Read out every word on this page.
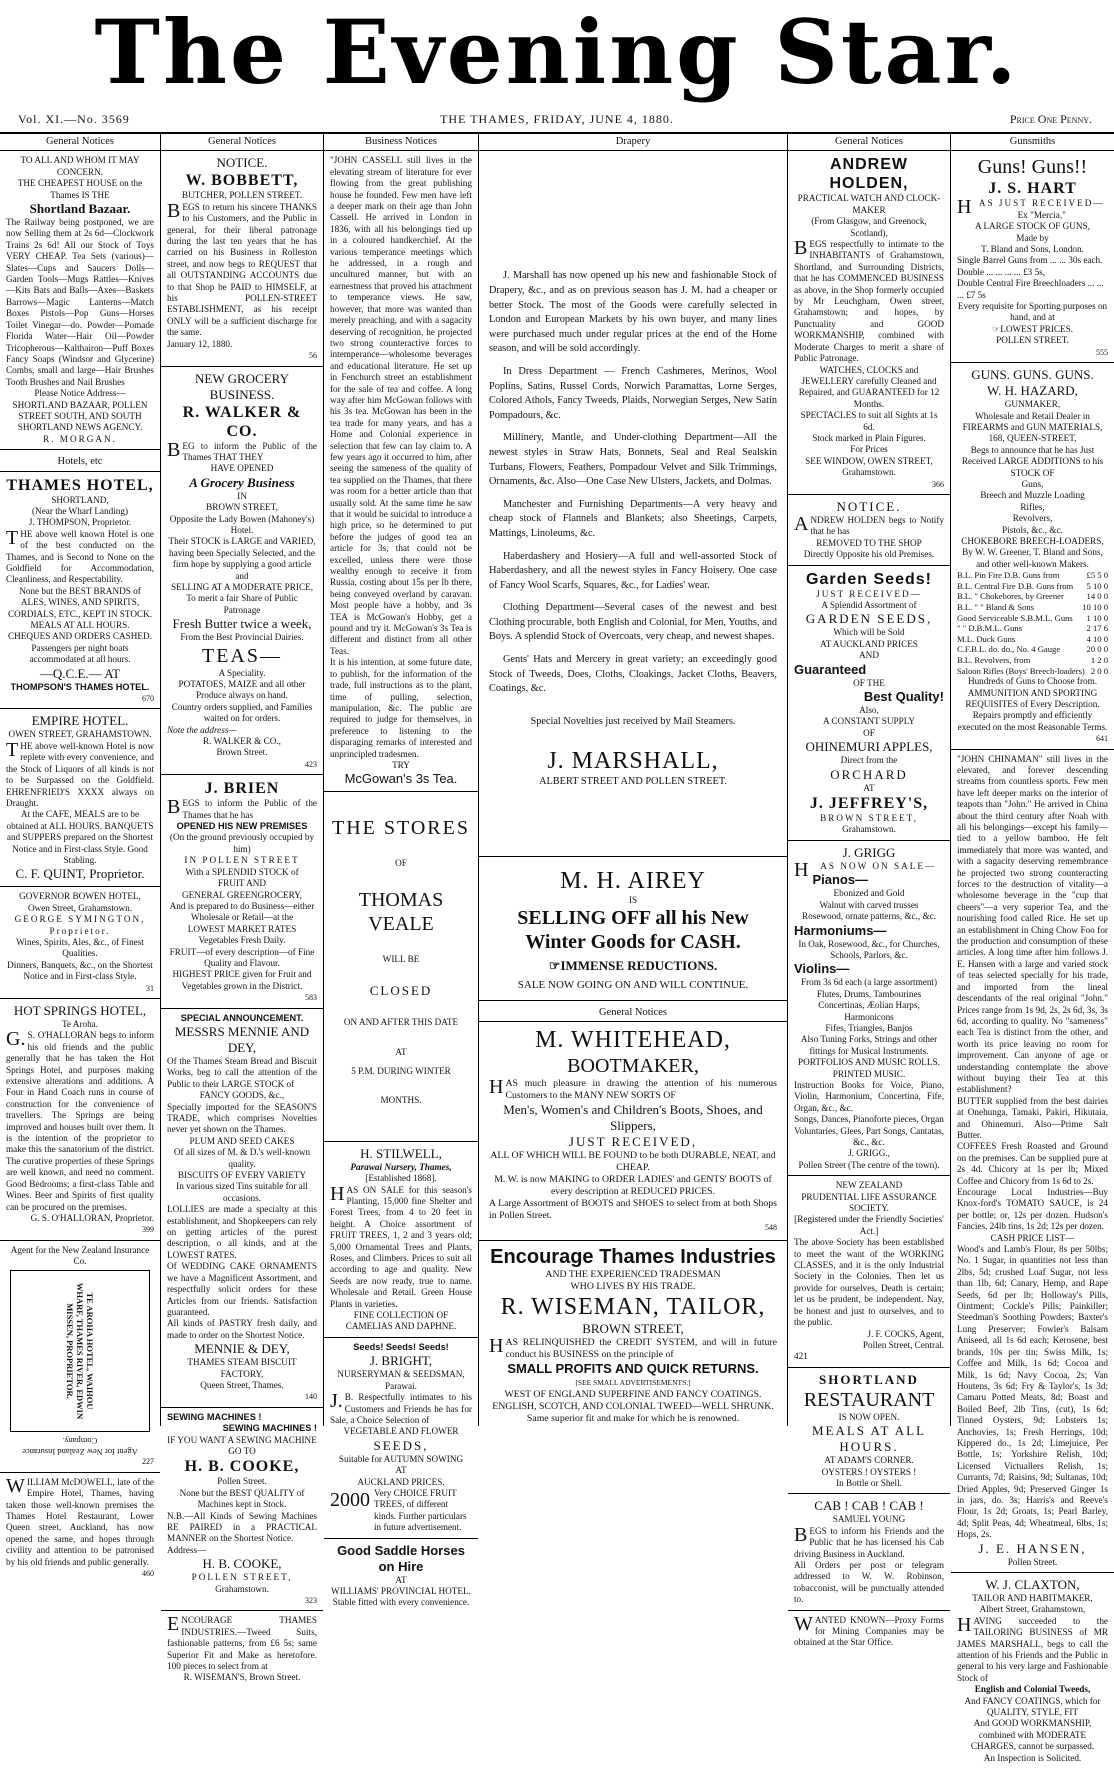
The Evening Star.
Vol. XI.—No. 3569	THE THAMES, FRIDAY, JUNE 4, 1880.	Price One Penny.
General Notices
TO ALL AND WHOM IT MAY CONCERN.
THE CHEAPEST HOUSE on the Thames IS THE
Shortland Bazaar.
The Railway being postponed, we are now Selling them at 2s 6d—Clockwork Trains 2s 6d! All our Stock of Toys VERY CHEAP. Tea Sets (various)—Slates—Cups and Saucers Dolls—Garden Tools—Mugs Rattles—Knives—Kits Bats and Balls—Axes—Baskets Barrows—Magic Lanterns—Match Boxes Pistols—Pop Guns—Horses Toilet Vinegar—do. Powder—Pomade Florida Water—Hair Oil—Powder Tricopherous—Kalthairon—Puff Boxes Fancy Soaps (Windsor and Glycerine) Combs, small and large—Hair Brushes Tooth Brushes and Nail Brushes
Please Notice Address— SHORTLAND BAZAAR, POLLEN STREET SOUTH, AND SOUTH SHORTLAND NEWS AGENCY.
R. MORGAN.
Hotels, etc
THAMES HOTEL,
SHORTLAND,
(Near the Wharf Landing)
J. THOMPSON, Proprietor.
THE above well known Hotel is one of the best conducted on the Thames, and is Second to None on the Goldfield for Accommodation, Cleanliness, and Respectability.
None but the BEST BRANDS of ALES, WINES, AND SPIRITS, CORDIALS, ETC., KEPT IN STOCK.
MEALS AT ALL HOURS.
CHEQUES AND ORDERS CASHED.
Passengers per night boats accommodated at all hours.
—Q.C.E.— AT
THOMPSON'S THAMES HOTEL.
670
EMPIRE HOTEL.
OWEN STREET, GRAHAMSTOWN.
THE above well-known Hotel is now replete with every convenience, and the Stock of Liquors of all kinds is not to be Surpassed on the Goldfield. EHRENFRIED'S XXXX always on Draught.
At the CAFE, MEALS are to be obtained at ALL HOURS. BANQUETS and SUPPERS prepared on the Shortest Notice and in First-class Style. Good Stabling.
C. F. QUINT, Proprietor.
GOVERNOR BOWEN HOTEL,
Owen Street, Grahamstown.
GEORGE SYMINGTON, Proprietor.
Wines, Spirits, Ales, &c., of Finest Qualities.
Dinners, Banquets, &c., on the Shortest Notice and in First-class Style.
31
HOT SPRINGS HOTEL,
Te Aroha.
G.S. O'HALLORAN begs to inform his old friends and the public generally that he has taken the Hot Springs Hotel, and purposes making extensive alterations and additions. A Four in Hand Coach runs in course of construction for the convenience of travellers. The Springs are being improved and houses built over them. It is the intention of the proprietor to make this the sanatorium of the district. The curative properties of these Springs are well known, and need no comment. Good Bedrooms; a first-class Table and Wines. Beer and Spirits of first quality can be procured on the premises.
G. S. O'HALLORAN, Proprietor.
399
Agent for the New Zealand Insurance Co.
TE AROHA HOTEL, WAIHOU WHARF, THAMES RIVER, EDWIN MISSEN, PROPRIETOR.
Agent for New Zealand Insurance Company.
227
WILLIAM McDOWELL, late of the Empire Hotel, Thames, having taken those well-known premises the Thames Hotel Restaurant, Lower Queen street, Auckland, has now opened the same, and hopes through civility and attention to be patronised by his old friends and public generally.
460
General Notices
NOTICE.
W. BOBBETT,
BUTCHER, POLLEN STREET.
BEGS to return his sincere THANKS to his Customers, and the Public in general, for their liberal patronage during the last ten years that he has carried on his Business in Rolleston street, and now begs to REQUEST that all OUTSTANDING ACCOUNTS due to that Shop be PAID to HIMSELF, at his POLLEN-STREET ESTABLISHMENT, as his receipt ONLY will be a sufficient discharge for the same.
January 12, 1880.
56
NEW GROCERY BUSINESS.
R. WALKER & CO.
BEG to inform the Public of the Thames THAT THEY
HAVE OPENED
A Grocery Business
IN
BROWN STREET,
Opposite the Lady Bowen (Mahoney's) Hotel.
Their STOCK is LARGE and VARIED, having been Specially Selected, and the firm hope by supplying a good article and
SELLING AT A MODERATE PRICE,
To merit a fair Share of Public Patronage
Fresh Butter twice a week,
From the Best Provincial Dairies.
TEAS—
A Speciality.
POTATOES, MAIZE and all other Produce always on hand.
Country orders supplied, and Families waited on for orders.
Note the address—
R. WALKER & CO.,
Brown Street.
423
J. BRIEN
BEGS to inform the Public of the Thames that he has
OPENED HIS NEW PREMISES
(On the ground previously occupied by him)
IN POLLEN STREET
With a SPLENDID STOCK of
FRUIT AND
GENERAL GREENGROCERY,
And is prepared to do Business—either Wholesale or Retail—at the
LOWEST MARKET RATES
Vegetables Fresh Daily.
FRUIT—of every description—of Fine Quality and Flavour.
HIGHEST PRICE given for Fruit and Vegetables grown in the District.
583
SPECIAL ANNOUNCEMENT.
MESSRS MENNIE AND DEY,
Of the Thames Steam Bread and Biscuit Works, beg to call the attention of the Public to their LARGE STOCK of
FANCY GOODS, &c.,
Specially imported for the SEASON'S TRADE, which comprises Novelties never yet shown on the Thames.
PLUM AND SEED CAKES
Of all sizes of M. & D.'s well-known quality.
BISCUITS OF EVERY VARIETY
In various sized Tins suitable for all occasions.
LOLLIES are made a specialty at this establishment, and Shopkeepers can rely on getting articles of the purest description, o all kinds, and at the LOWEST RATES.
Of WEDDING CAKE ORNAMENTS we have a Magnificent Assortment, and respectfully solicit orders for these Articles from our friends. Satisfaction guaranteed.
All kinds of PASTRY fresh daily, and made to order on the Shortest Notice.
MENNIE & DEY,
THAMES STEAM BISCUIT FACTORY,
Queen Street, Thames.
140
SEWING MACHINES !
SEWING MACHINES !
IF YOU WANT A SEWING MACHINE
GO TO
H. B. COOKE,
Pollen Street.
None but the BEST QUALITY of Machines kept in Stock.
N.B.—All Kinds of Sewing Machines RE PAIRED in a PRACTICAL MANNER on the Shortest Notice.
Address—
H. B. COOKE,
POLLEN STREET,
Grahamstown.
323
ENCOURAGE THAMES INDUSTRIES.—Tweed Suits, fashionable patterns, from £6 5s; same Superior Fit and Make as heretofore. 100 pieces to select from at
R. WISEMAN'S, Brown Street.
Business Notices
"JOHN CASSELL still lives in the elevating stream of literature for ever flowing from the great publishing house he founded. Few men have left a deeper mark on their age than John Cassell. He arrived in London in 1836, with all his belongings tied up in a coloured handkerchief. At the various temperance meetings which he addressed, in a rough and uncultured manner, but with an earnestness that proved his attachment to temperance views. He saw, however, that more was wanted than merely preaching, and with a sagacity deserving of recognition, he projected two strong counteractive forces to intemperance—wholesome beverages and educational literature. He set up in Fenchurch street an establishment for the sale of tea and coffee. A long way after him McGowan follows with his 3s tea. McGowan has been in the tea trade for many years, and has a Home and Colonial experience in selection that few can lay claim to. A few years ago it occurred to him, after seeing the sameness of the quality of tea supplied on the Thames, that there was room for a better article than that usually sold. At the same time he saw that it would be suicidal to introduce a high price, so he determined to put before the judges of good tea an article for 3s, that could not be excelled, unless there were those wealthy enough to receive it from Russia, costing about 15s per lb there, being conveyed overland by caravan. Most people have a hobby, and 3s TEA is McGowan's Hobby, get a pound and try it. McGowan's 3s Tea is different and distinct from all other Teas.
It is his intention, at some future date, to publish, for the information of the trade, full instructions as to the plant, time of pulling, selection, manipulation, &c. The public are required to judge for themselves, in preference to listening to the disparaging remarks of interested and unprincipled tradesmen.
TRY
McGowan's 3s Tea.
THE STORES
OF
THOMAS VEALE
WILL BE
CLOSED
ON AND AFTER THIS DATE
AT
5 P.M. DURING WINTER
MONTHS.
H. STILWELL,
Parawai Nursery, Thames,
[Established 1868].
HAS ON SALE for this season's Planting, 15,000 fine Shelter and Forest Trees, from 4 to 20 feet in height. A Choice assortment of FRUIT TREES, 1, 2 and 3 years old; 5,000 Ornamental Trees and Plants, Roses, and Climbers. Prices to suit all according to age and quality. New Seeds are now ready, true to name. Wholesale and Retail. Green House Plants in varieties.
FINE COLLECTION OF CAMELIAS AND DAPHNE.
Seeds! Seeds! Seeds!
J. BRIGHT,
NURSERYMAN & SEEDSMAN,
Parawai.
J.B. Respectfully intimates to his Customers and Friends he has for Sale, a Choice Selection of
VEGETABLE AND FLOWER
SEEDS,
Suitable for AUTUMN SOWING
AT
AUCKLAND PRICES.
2000 Very CHOICE FRUIT TREES, of different kinds. Further particulars in future advertisement.
Good Saddle Horses
on Hire
AT
WILLIAMS' PROVINCIAL HOTEL.
Stable fitted with every convenience.
Drapery
J. Marshall has now opened up his new and fashionable Stock of Drapery, &c., and as on previous season has J. M. had a cheaper or better Stock. The most of the Goods were carefully selected in London and European Markets by his own buyer, and many lines were purchased much under regular prices at the end of the Home season, and will be sold accordingly.
In Dress Department — French Cashmeres, Merinos, Wool Poplins, Satins, Russel Cords, Norwich Paramattas, Lorne Serges, Colored Athols, Fancy Tweeds, Plaids, Norwegian Serges, New Satin Pompadours, &c.
Millinery, Mantle, and Under-clothing Department—All the newest styles in Straw Hats, Bonnets, Seal and Real Sealskin Turbans, Flowers, Feathers, Pompadour Velvet and Silk Trimmings, Ornaments, &c. Also—One Case New Ulsters, Jackets, and Dolmas.
Manchester and Furnishing Departments—A very heavy and cheap stock of Flannels and Blankets; also Sheetings, Carpets, Mattings, Linoleums, &c.
Haberdashery and Hosiery—A full and well-assorted Stock of Haberdashery, and all the newest styles in Fancy Hoisery. One case of Fancy Wool Scarfs, Squares, &c., for Ladies' wear.
Clothing Department—Several cases of the newest and best Clothing procurable, both English and Colonial, for Men, Youths, and Boys. A splendid Stock of Overcoats, very cheap, and newest shapes.
Gents' Hats and Mercery in great variety; an exceedingly good Stock of Tweeds, Does, Cloths, Cloakings, Jacket Cloths, Beavers, Coatings, &c.
Special Novelties just received by Mail Steamers.
J. MARSHALL,
ALBERT STREET AND POLLEN STREET.
M. H. AIREY
IS
SELLING OFF all his New Winter Goods for CASH.
☞IMMENSE REDUCTIONS.
SALE NOW GOING ON AND WILL CONTINUE.
General Notices
M. WHITEHEAD,
BOOTMAKER,
HAS much pleasure in drawing the attention of his numerous Customers to the MANY NEW SORTS OF
Men's, Women's and Children's Boots, Shoes, and Slippers,
JUST RECEIVED,
ALL OF WHICH WILL BE FOUND to be both DURABLE, NEAT, and CHEAP.
M. W. is now MAKING to ORDER LADIES' and GENTS' BOOTS of every description at REDUCED PRICES.
A Large Assortment of BOOTS and SHOES to select from at both Shops in Pollen Street.
548
Encourage Thames Industries
AND THE EXPERIENCED TRADESMAN
WHO LIVES BY HIS TRADE.
R. WISEMAN, TAILOR,
BROWN STREET,
HAS RELINQUISHED the CREDIT SYSTEM, and will in future conduct his BUSINESS on the principle of
SMALL PROFITS AND QUICK RETURNS.
[SEE SMALL ADVERTISEMENTS.]
WEST OF ENGLAND SUPERFINE AND FANCY COATINGS. ENGLISH, SCOTCH, AND COLONIAL TWEED—WELL SHRUNK.
Same superior fit and make for which he is renowned.
General Notices
ANDREW HOLDEN,
PRACTICAL WATCH AND CLOCK-MAKER
(From Glasgow, and Greenock, Scotland),
BEGS respectfully to intimate to the INHABITANTS of Grahamstown, Shortland, and Surrounding Districts, that he has COMMENCED BUSINESS as above, in the Shop formerly occupied by Mr Leuchgham, Owen street, Grahamstown; and hopes, by Punctuality and GOOD WORKMANSHIP, combined with Moderate Charges to merit a share of Public Patronage.
WATCHES, CLOCKS and JEWELLERY carefully Cleaned and Repaired, and GUARANTEED for 12 Months.
SPECTACLES to suit all Sights at 1s 6d.
Stock marked in Plain Figures.
For Prices
SEE WINDOW, OWEN STREET,
Grahamstown.
366
NOTICE.
ANDREW HOLDEN begs to Notify that he has
REMOVED TO THE SHOP
Directly Opposite his old Premises.
Garden Seeds!
JUST RECEIVED—
A Splendid Assortment of
GARDEN SEEDS,
Which will be Sold
AT AUCKLAND PRICES
AND
Guaranteed
OF THE
Best Quality!
Also,
A CONSTANT SUPPLY
OF
OHINEMURI APPLES,
Direct from the
ORCHARD
AT
J. JEFFREY'S,
BROWN STREET,
Grahamstown.
J. GRIGG
HAS NOW ON SALE—
Pianos—
Ebonized and Gold
Walnut with carved trusses
Rosewood, ornate patterns, &c., &c.
Harmoniums—
In Oak, Rosewood, &c., for Churches, Schools, Parlors, &c.
Violins—
From 3s 6d each (a large assortment)
Flutes, Drums, Tambourines
Concertinas, Æolian Harps, Harmonicons
Fifes, Triangles, Banjos
Also Tuning Forks, Strings and other fittings for Musical Instruments.
PORTFOLIOS AND MUSIC ROLLS.
PRINTED MUSIC.
Instruction Books for Voice, Piano, Violin, Harmonium, Concertina, Fife, Organ, &c., &c.
Songs, Dances, Pianoforte pieces, Organ Voluntaries, Glees, Part Songs, Cantatas, &c., &c.
J. GRIGG.,
Pollen Street (The centre of the town).
NEW ZEALAND
PRUDENTIAL LIFE ASSURANCE SOCIETY.
[Registered under the Friendly Societies' Act.]
The above Society has been established to meet the want of the WORKING CLASSES, and it is the only Industrial Society in the Colonies. Then let us provide for ourselves, Death is certain; let us be prudent, be independent. Nay, be honest and just to ourselves, and to the public.
J. F. COCKS, Agent,
Pollen Street, Central.
421
SHORTLAND
RESTAURANT
IS NOW OPEN.
MEALS AT ALL HOURS.
AT ADAM'S CORNER.
OYSTERS ! OYSTERS !
In Bottle or Shell.
CAB ! CAB ! CAB !
SAMUEL YOUNG
BEGS to inform his Friends and the Public that he has licensed his Cab driving Business in Auckland.
All Orders per post or telegram addressed to W. W. Robinson, tobacconist, will be punctually attended to.
WANTED KNOWN—Proxy Forms for Mining Companies may be obtained at the Star Office.
Gunsmiths
Guns! Guns!!
J. S. HART
HAS JUST RECEIVED—
Ex "Mercia,"
A LARGE STOCK OF GUNS,
Made by
T. Bland and Sons, London.
Single Barrel Guns from ... ... 30s each.
Double ... ... ... ... £3 5s,
Double Central Fire Breechloaders ... ... ... £7 5s
Every requisite for Sporting purposes on hand, and at
☞LOWEST PRICES.
POLLEN STREET.
555
GUNS. GUNS. GUNS.
W. H. HAZARD,
GUNMAKER,
Wholesale and Retail Dealer in FIREARMS and GUN MATERIALS,
168, QUEEN-STREET,
Begs to announce that he has Just Received LARGE ADDITIONS to his STOCK OF
Guns,
Breech and Muzzle Loading
Rifles,
Revolvers,
Pistols, &c., &c.
CHOKEBORE BREECH-LOADERS,
By W. W. Greener, T. Bland and Sons, and other well-known Makers.
B.L. Pin Fire D.B. Guns from	£5 5 0
B.L. Central Fire D.B. Guns from 5 10 0
B.L. " Chokebores, by Greener	14 0 0
B.L. " " Bland & Sons	10 10 0
Good Serviceable S.B.M.L. Guns 1 10 0
" " D.B.M.L. Guns	2 17 6
M.L. Duck Guns	4 10 0
C.F.B.L. do. do., No. 4 Gauge	20 0 0
B.L. Revolvers, from	1 2 0
Saloon Rifles (Boys' Breech-loaders) 2 0 0
Hundreds of Guns to Choose from.
AMMUNITION AND SPORTING REQUISITES of Every Description.
Repairs promptly and efficiently executed on the most Reasonable Terms.
641
"JOHN CHINAMAN" still lives in the elevated, and forever descending streams from countless sports. Few men have left deeper marks on the interior of teapots than "John." He arrived in China about the third century after Noah with all his belongings—except his family—tied to a yellow bamboo. He felt immediately that more was wanted, and with a sagacity deserving remembrance he projected two strong counteracting forces to the destruction of vitality—a wholesome beverage in the "cup that cheers"—a very superior Tea, and the nourishing food called Rice. He set up an establishment in Ching Chow Foo for the production and consumption of these articles. A long time after him follows J. E. Hansen with a large and varied stock of teas selected specially for his trade, and imported from the lineal descendants of the real original "John." Prices range from 1s 9d, 2s, 2s 6d, 3s, 3s 6d, according to quality. No "sameness" each Tea is distinct from the other, and worth its price leaving no room for improvement. Can anyone of age or understanding contemplate the above without buying their Tea at this establishment?
BUTTER supplied from the best dairies at Onehunga, Tamaki, Pakiri, Hikutaia, and Ohinemuri. Also—Prime Salt Butter.
COFFEES Fresh Roasted and Ground on the premises. Can be supplied pure at 2s 4d. Chicory at 1s per lb; Mixed Coffee and Chicory from 1s 6d to 2s.
Encourage Local Industries—Buy Knox-ford's TOMATO SAUCE, is 24 per bottle; or, 12s per dozen. Hudson's Fancies, 24lb tins, 1s 2d; 12s per dozen.
CASH PRICE LIST—
Wood's and Lamb's Flour, 8s per 50lbs; No. 1 Sugar, in quantities not less than 2lbs, 5d; crushed Loaf Sugar, not less than 1lb, 6d; Canary, Hemp, and Rape Seeds, 6d per lb; Holloway's Pills, Ointment; Cockle's Pills; Painkiller; Steedman's Soothing Powders; Baxter's Lung Preserver; Fowler's Balsam Aniseed, all 1s 6d each; Kerosene, best brands, 10s per tin; Swiss Milk, 1s; Coffee and Milk, 1s 6d; Cocoa and Milk, 1s 6d; Navy Cocoa, 2s; Van Houtens, 3s 6d; Fry & Taylor's, 1s 3d; Camaru Potted Meats, 8d; Boast and Boiled Beef, 2lb Tins, (cut), 1s 6d; Tinned Oysters, 9d; Lobsters 1s; Anchovies, 1s; Fresh Herrings, 10d; Kippered do., 1s 2d; Limejuice, Per Bottle, 1s; Yorkshire Relish, 10d; Licensed Victuallers Relish, 1s; Currants, 7d; Raisins, 9d; Sultanas, 10d; Dried Apples, 9d; Preserved Ginger 1s in jars, do. 3s; Harris's and Reeve's Flour, 1s 2d; Groats, 1s; Pearl Barley, 4d; Split Peas, 4d; Wheatmeal, 6lbs, 1s; Hops, 2s.
J. E. HANSEN,
Pollen Street.
W. J. CLAXTON,
TAILOR AND HABITMAKER,
Albert Street, Grahamstown,
HAVING succeeded to the TAILORING BUSINESS of MR JAMES MARSHALL, begs to call the attention of his Friends and the Public in general to his very large and Fashionable Stock of
English and Colonial Tweeds,
And FANCY COATINGS, which for QUALITY, STYLE, FIT
And GOOD WORKMANSHIP, combined with MODERATE CHARGES, cannot be surpassed.
An Inspection is Solicited.
